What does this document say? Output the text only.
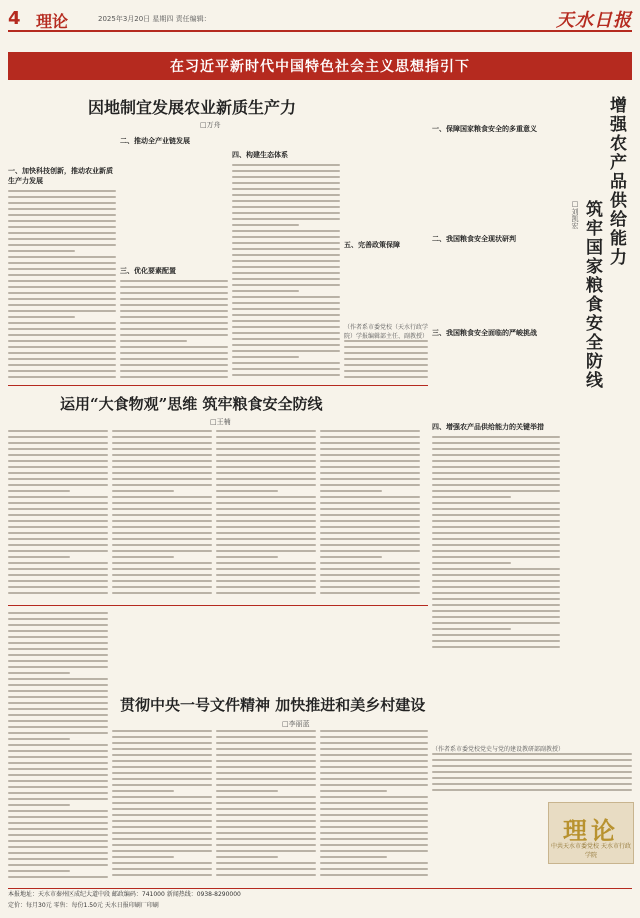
4 理论	2025年3月20日 星期四 责任编辑：	天水日报
在习近平新时代中国特色社会主义思想指引下
因地制宜发展农业新质生产力
□万舟
一、加快科技创新，推动农业新质生产力发展
二、推动全产业链发展
三、优化要素配置
四、构建生态体系
五、完善政策保障
（作者系市委党校（天水行政学院）学报编辑部主任、副教授）
运用“大食物观”思维 筑牢粮食安全防线
□王楠
一、保障国家粮食安全的多重意义
二、我国粮食安全现状研判
三、我国粮食安全面临的严峻挑战
四、增强农产品供给能力的关键举措
增强农产品供给能力
筑牢国家粮食安全防线
□刘凯宏
（作者系市委党校党史与党的建设教研部副教授）
贯彻中央一号文件精神 加快推进和美乡村建设
□李丽蓝
理论
中共天水市委党校 天水市行政学院
本报地址：天水市秦州区成纪大道中段 邮政编码：741000 新闻热线：0938-8290000
定价：每月30元 零售：每份1.50元 天水日报印刷厂印刷
